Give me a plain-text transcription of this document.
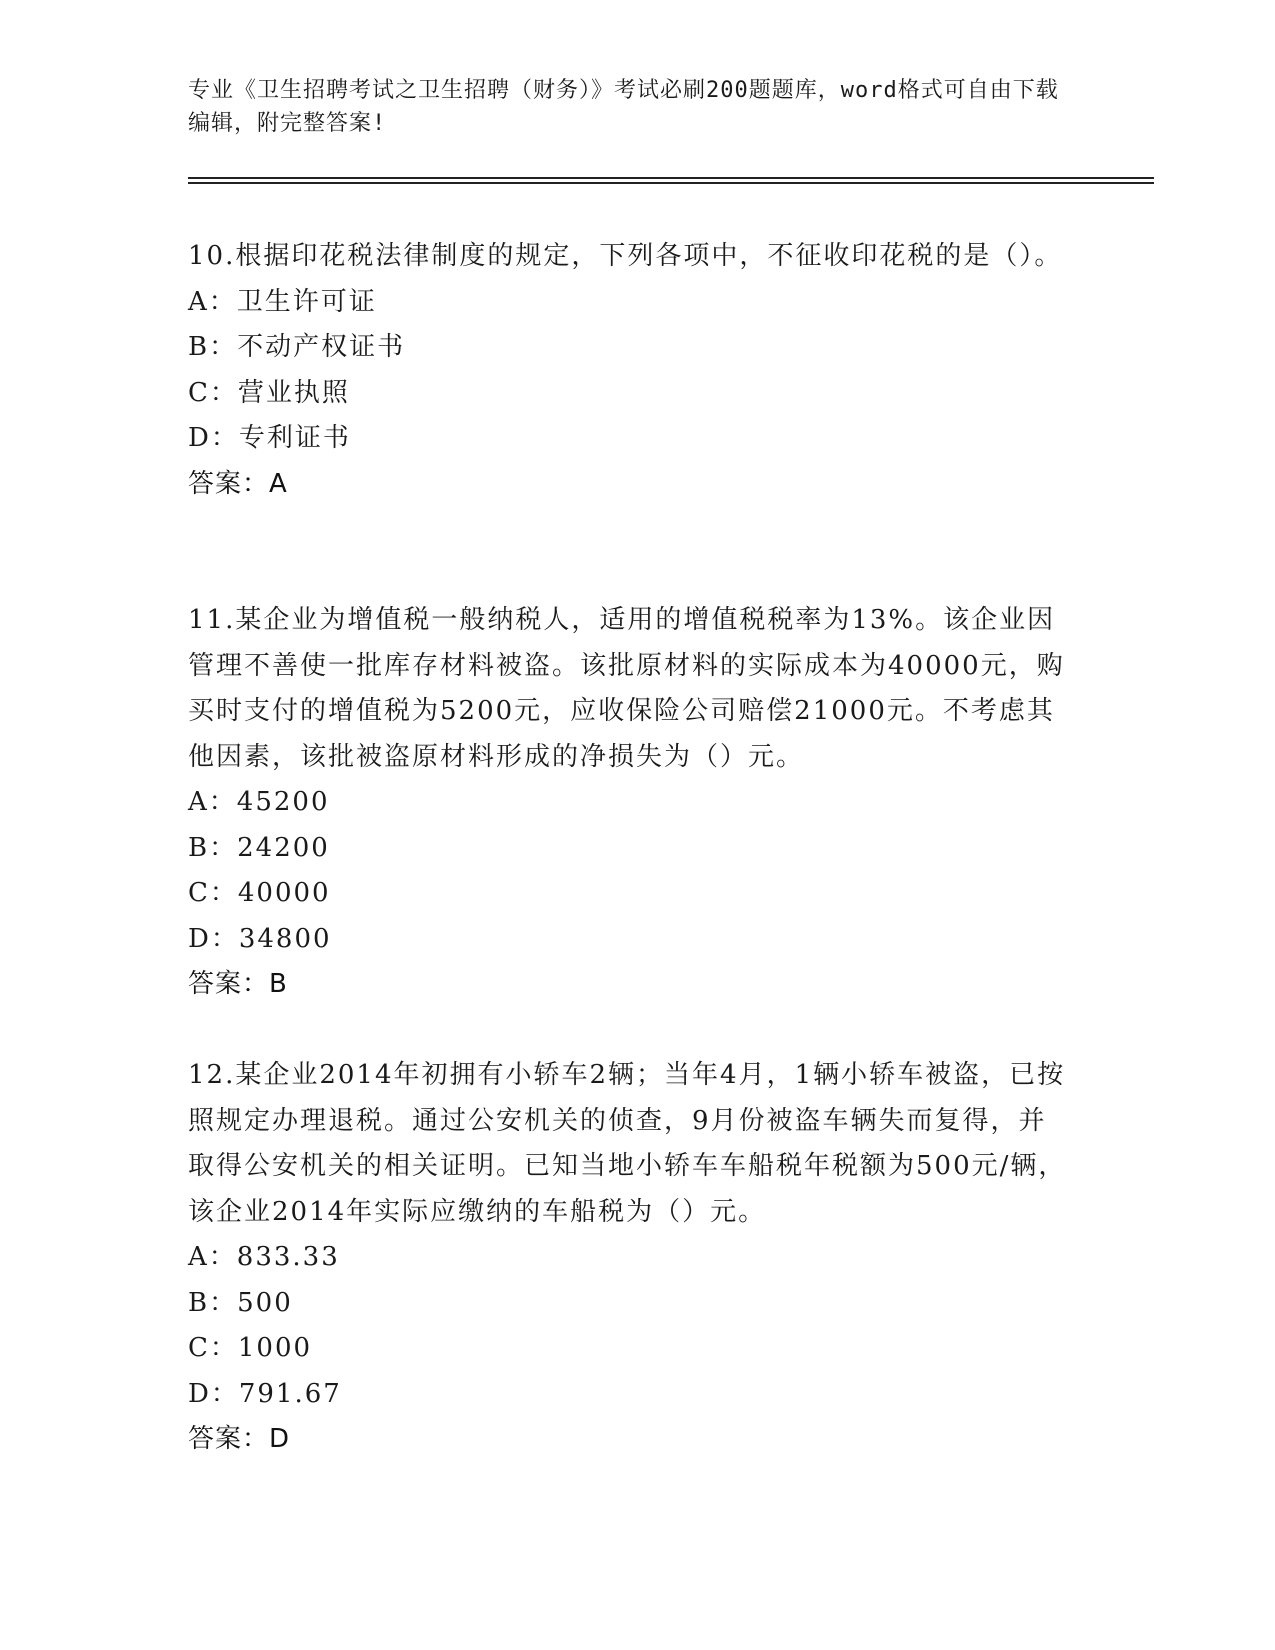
专业《卫生招聘考试之卫生招聘（财务）》考试必刷200题题库，word格式可自由下载编辑，附完整答案!

10.根据印花税法律制度的规定，下列各项中，不征收印花税的是（）。

A：卫生许可证

B：不动产权证书

C：营业执照

D：专利证书

答案：A

11.某企业为增值税一般纳税人，适用的增值税税率为13%。该企业因管理不善使一批库存材料被盗。该批原材料的实际成本为40000元，购买时支付的增值税为5200元，应收保险公司赔偿21000元。不考虑其他因素，该批被盗原材料形成的净损失为（）元。

A：45200

B：24200

C：40000

D：34800

答案：B

12.某企业2014年初拥有小轿车2辆；当年4月，1辆小轿车被盗，已按照规定办理退税。通过公安机关的侦查，9月份被盗车辆失而复得，并取得公安机关的相关证明。已知当地小轿车车船税年税额为500元/辆，该企业2014年实际应缴纳的车船税为（）元。

A：833.33

B：500

C：1000

D：791.67

答案：D
